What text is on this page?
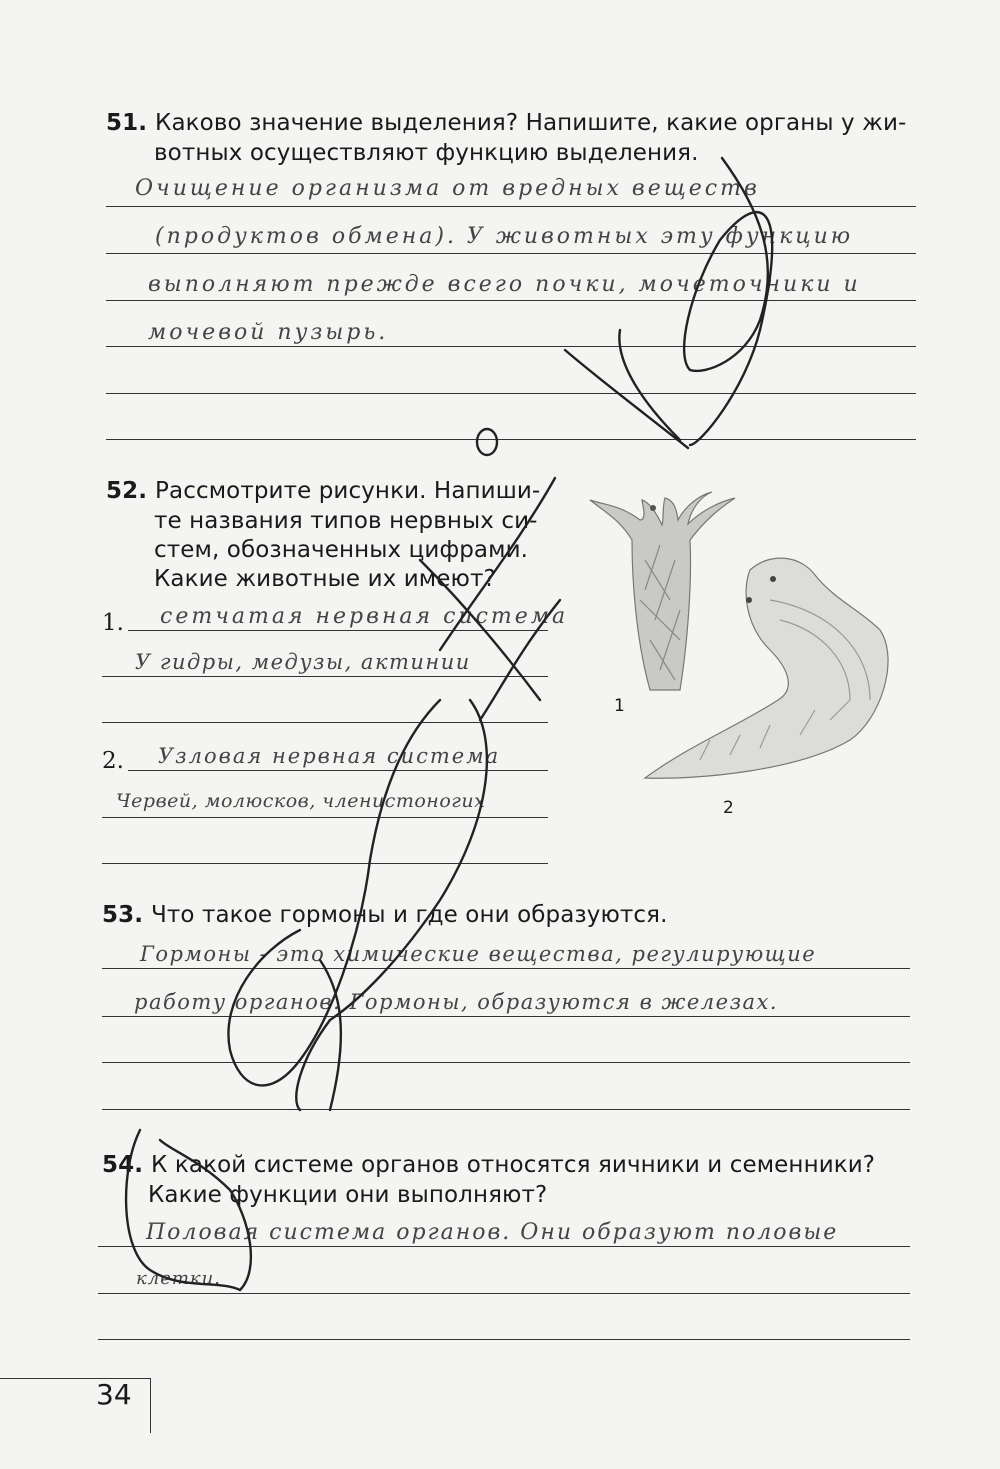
51. Каково значение выделения? Напишите, какие органы у жи-
вотных осуществляют функцию выделения.
Очищение организма от вредных веществ
(продуктов обмена). У животных эту функцию
выполняют прежде всего почки, мочеточники и
мочевой пузырь.
52. Рассмотрите рисунки. Напиши-
те названия типов нервных си-
стем, обозначенных цифрами.
Какие животные их имеют?
1. сетчатая нервная система
У гидры, медузы, актинии
2. Узловая нервная система
Червей, молюсков, членистоногих
1
2
53. Что такое гормоны и где они образуются.
Гормоны - это химические вещества, регулирующие
работу органов. Гормоны, образуются в железах.
54. К какой системе органов относятся яичники и семенники?
Какие функции они выполняют?
Половая система органов. Они образуют половые
клетки.
34
